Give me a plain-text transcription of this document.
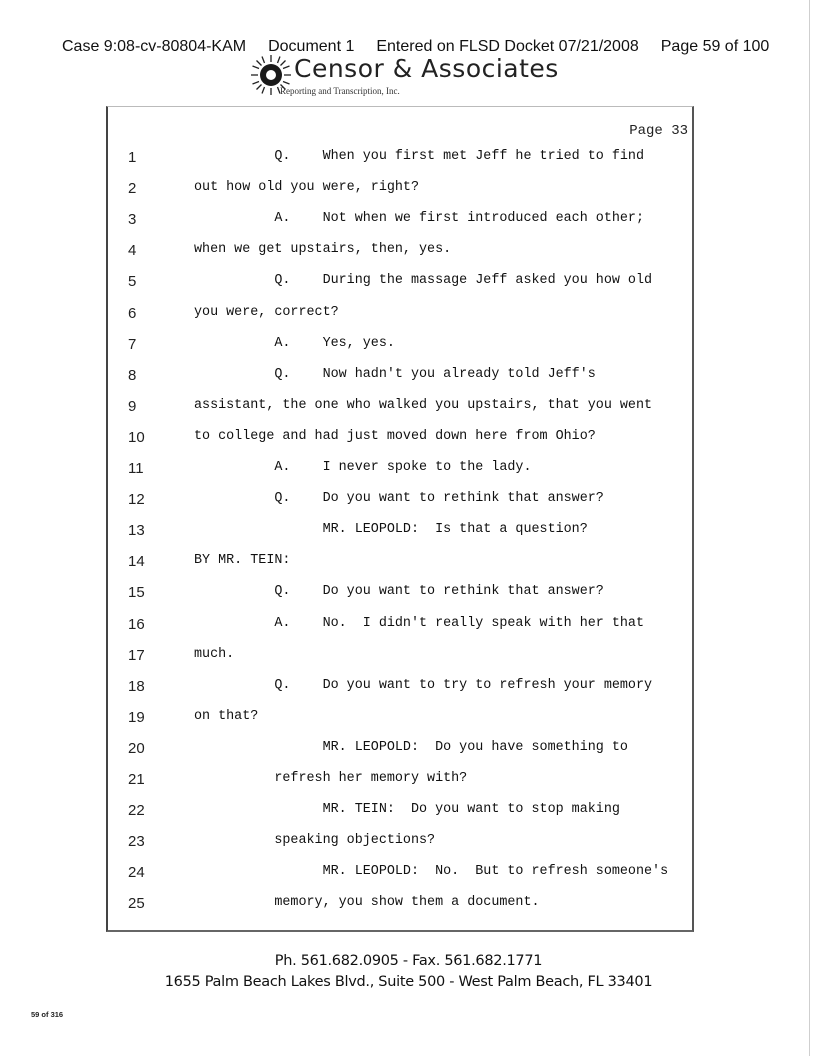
Case 9:08-cv-80804-KAM Document 1 Entered on FLSD Docket 07/21/2008 Page 59 of 100
Censor & Associates
Reporting and Transcription, Inc.
Page 33
1	Q.    When you first met Jeff he tried to find
2	out how old you were, right?
3	A.    Not when we first introduced each other;
4	when we get upstairs, then, yes.
5	Q.    During the massage Jeff asked you how old
6	you were, correct?
7	A.    Yes, yes.
8	Q.    Now hadn't you already told Jeff's
9	assistant, the one who walked you upstairs, that you went
10	to college and had just moved down here from Ohio?
11	A.    I never spoke to the lady.
12	Q.    Do you want to rethink that answer?
13	MR. LEOPOLD:  Is that a question?
14	BY MR. TEIN:
15	Q.    Do you want to rethink that answer?
16	A.    No.  I didn't really speak with her that
17	much.
18	Q.    Do you want to try to refresh your memory
19	on that?
20	MR. LEOPOLD:  Do you have something to
21	refresh her memory with?
22	MR. TEIN:  Do you want to stop making
23	speaking objections?
24	MR. LEOPOLD:  No.  But to refresh someone's
25	memory, you show them a document.
Ph. 561.682.0905 - Fax. 561.682.1771
1655 Palm Beach Lakes Blvd., Suite 500 - West Palm Beach, FL 33401
59 of 316
